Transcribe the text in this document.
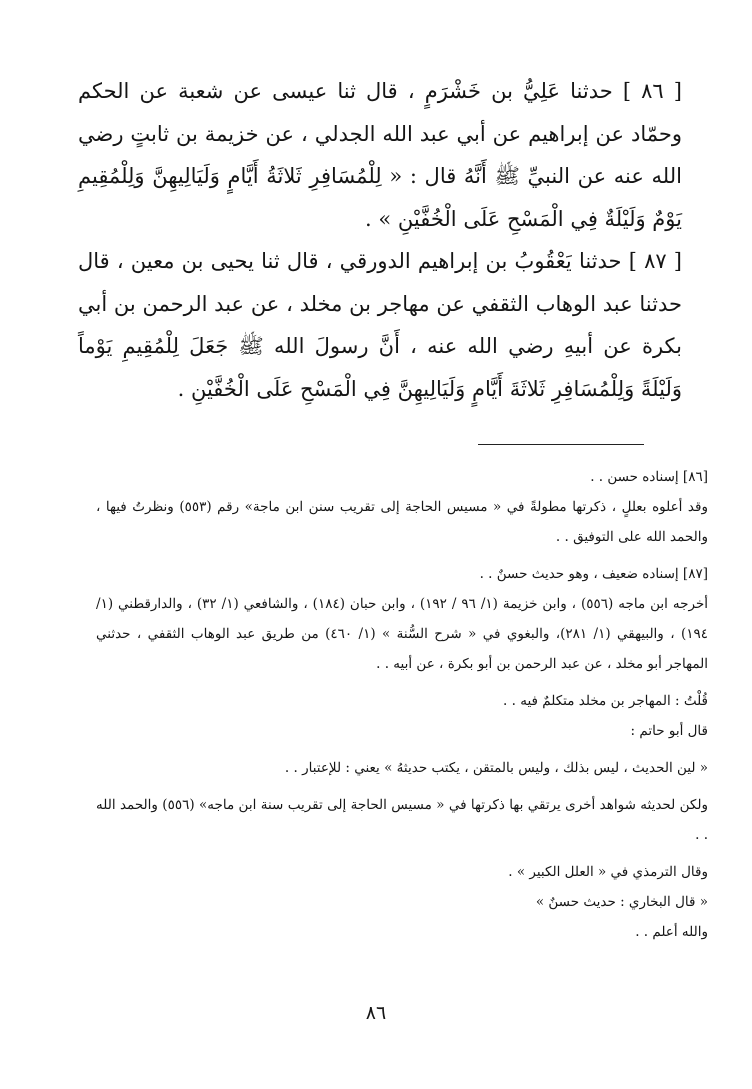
[ ٨٦ ] حدثنا عَلِيُّ بن خَشْرَمٍ ، قال ثنا عيسى عن شعبة عن الحكم وحمّاد عن إبراهيم عن أبي عبد الله الجدلي ، عن خزيمة بن ثابتٍ رضي الله عنه عن النبيِّ ﷺ أَنَّهُ قال : « لِلْمُسَافِرِ ثَلاثَةُ أَيَّامٍ وَلَيَالِيهِنَّ وَلِلْمُقِيمِ يَوْمٌ وَلَيْلَةٌ فِي الْمَسْحِ عَلَى الْخُفَّيْنِ » .

[ ٨٧ ] حدثنا يَعْقُوبُ بن إبراهيم الدورقي ، قال ثنا يحيى بن معين ، قال حدثنا عبد الوهاب الثقفي عن مهاجر بن مخلد ، عن عبد الرحمن بن أبي بكرة عن أبيهِ رضي الله عنه ، أَنَّ رسولَ الله ﷺ جَعَلَ لِلْمُقِيمِ يَوْماً وَلَيْلَةً وَلِلْمُسَافِرِ ثَلاثَةَ أَيَّامٍ وَلَيَالِيهِنَّ فِي الْمَسْحِ عَلَى الْخُفَّيْنِ .

[٨٦] إسناده حسن . .

وقد أعلوه بعللٍ ، ذكرتها مطولةً في « مسيس الحاجة إلى تقريب سنن ابن ماجة» رقم (٥٥٣) ونظرتُ فيها ، والحمد الله على التوفيق . .

[٨٧] إسناده ضعيف ، وهو حديث حسنٌ . .

أخرجه ابن ماجه (٥٥٦) ، وابن خزيمة (١/ ٩٦ / ١٩٢) ، وابن حبان (١٨٤) ، والشافعي (١/ ٣٢) ، والدارقطني (١/ ١٩٤) ، والبيهقي (١/ ٢٨١)، والبغوي في « شرح السُّنة » (١/ ٤٦٠) من طريق عبد الوهاب الثقفي ، حدثني المهاجر أبو مخلد ، عن عبد الرحمن بن أبو بكرة ، عن أبيه . .

قُلْتُ : المهاجر بن مخلد متكلمٌ فيه . .

قال أبو حاتم :

« لين الحديث ، ليس بذلك ، وليس بالمتقن ، يكتب حديثهُ » يعني : للإعتبار . .

ولكن لحديثه شواهد أخرى يرتقي بها ذكرتها في « مسيس الحاجة إلى تقريب سنة ابن ماجه» (٥٥٦) والحمد الله . .

وقال الترمذي في « العلل الكبير » .

« قال البخاري : حديث حسنٌ »

والله أعلم . .

٨٦
